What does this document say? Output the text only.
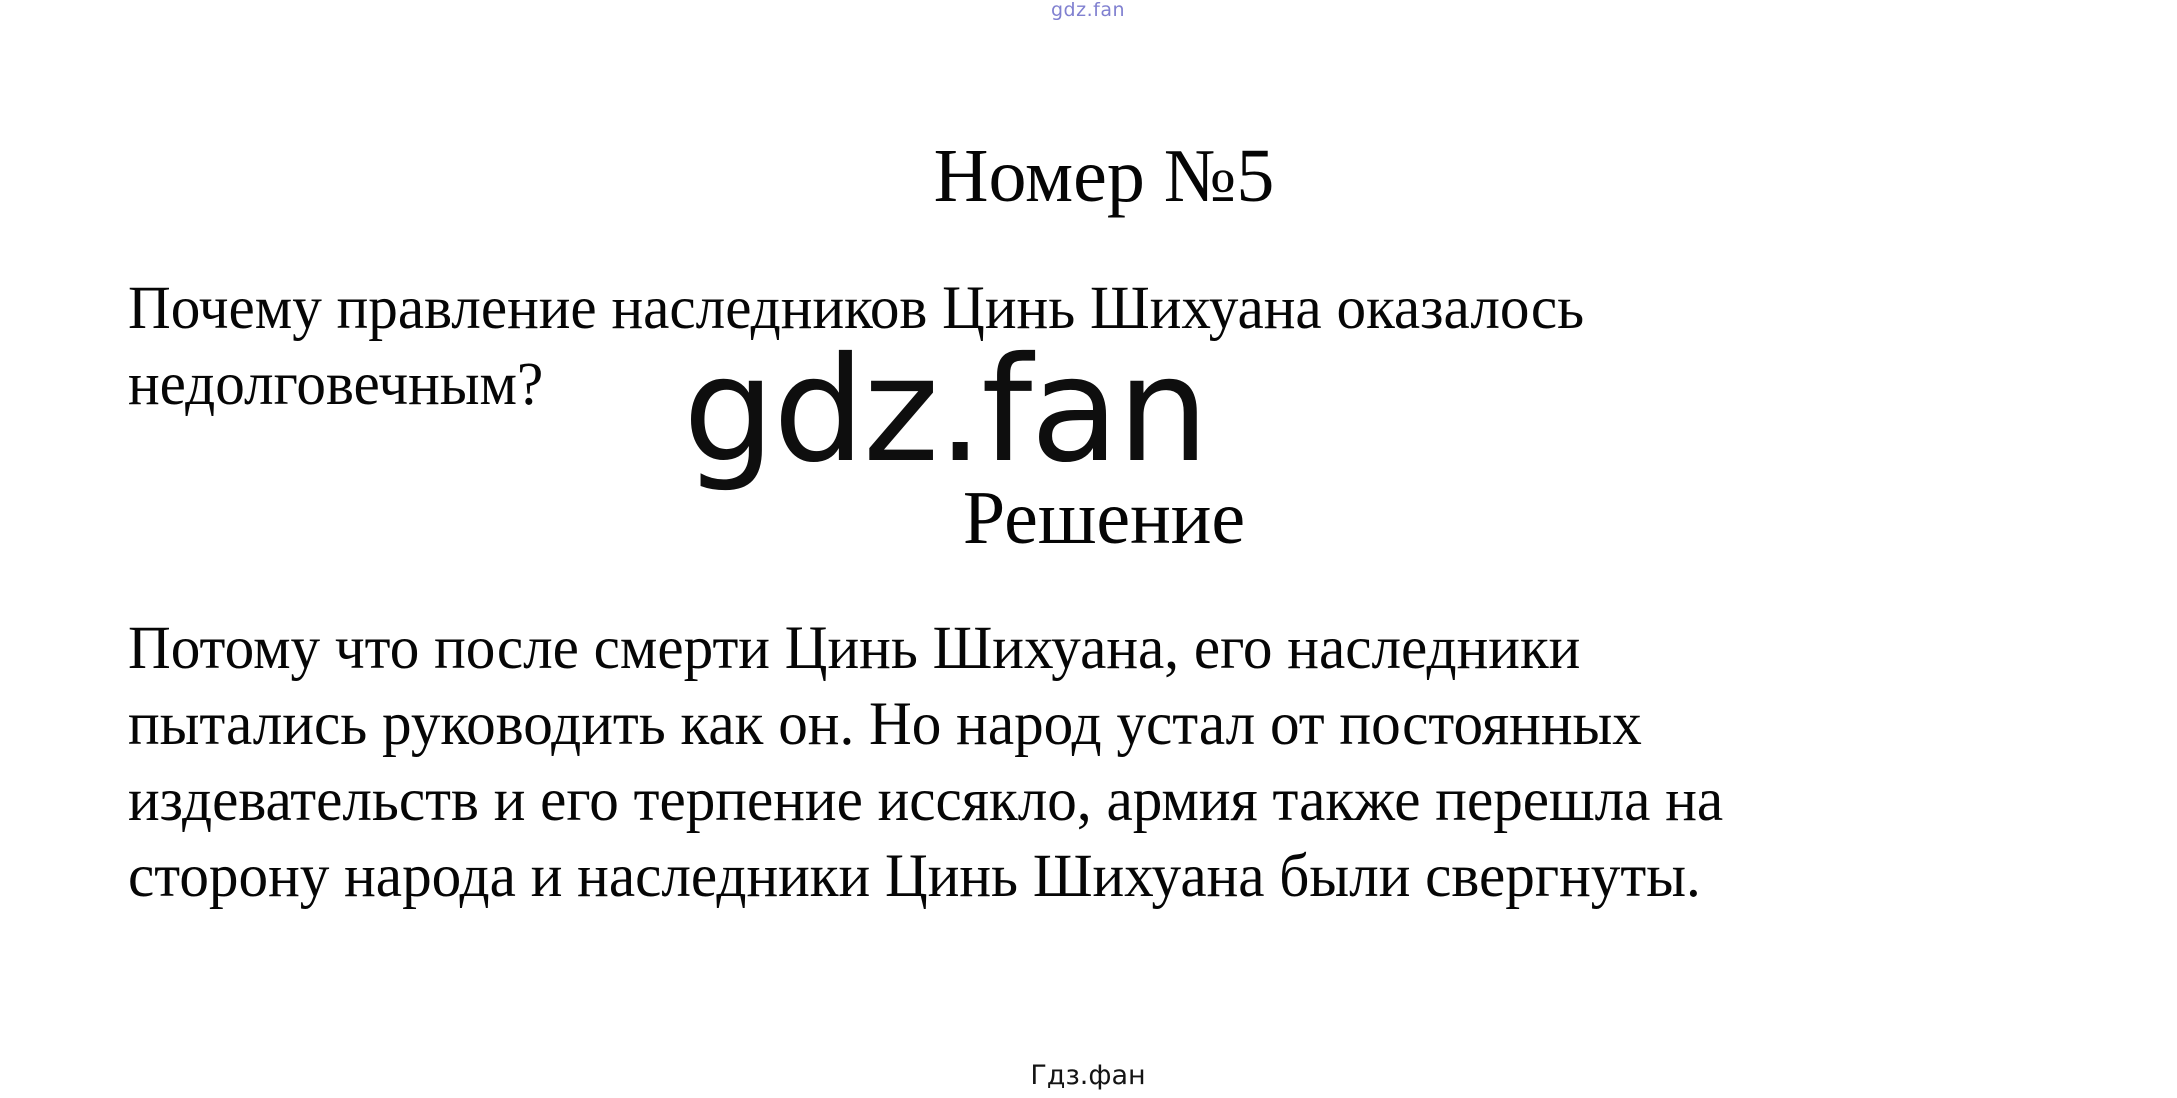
gdz.fan
Номер №5
Почему правление наследников Цинь Шихуана оказалось
недолговечным? gdz.fan
Решение
Потому что после смерти Цинь Шихуана, его наследники
пытались руководить как он. Но народ устал от постоянных
издевательств и его терпение иссякло, армия также перешла на
сторону народа и наследники Цинь Шихуана были свергнуты.
Гдз.фан
